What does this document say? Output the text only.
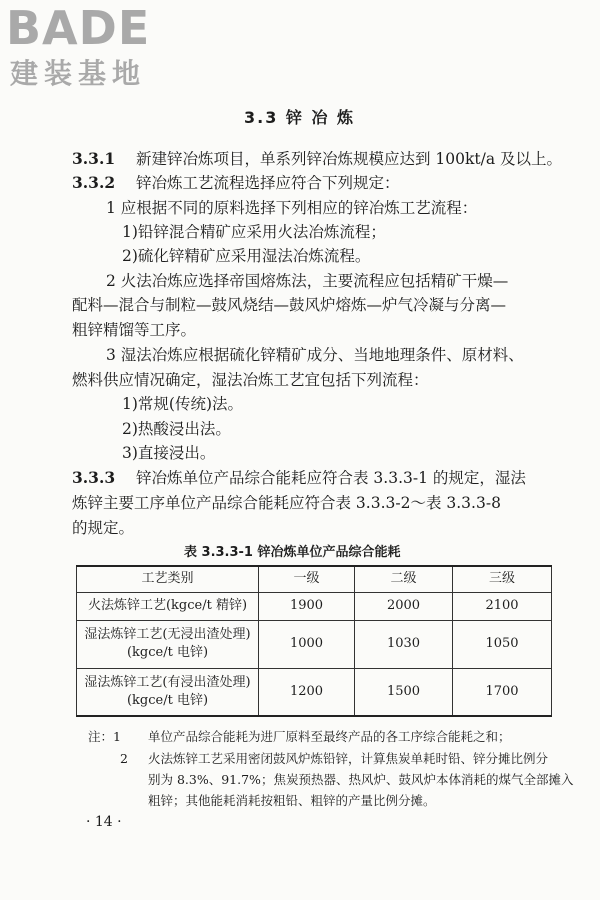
BADE
建装基地
3.3 锌 冶 炼
3.3.1 新建锌冶炼项目，单系列锌冶炼规模应达到 100kt/a 及以上。
3.3.2 锌冶炼工艺流程选择应符合下列规定：
1 应根据不同的原料选择下列相应的锌冶炼工艺流程：
1)铅锌混合精矿应采用火法冶炼流程；
2)硫化锌精矿应采用湿法冶炼流程。
2 火法冶炼应选择帝国熔炼法，主要流程应包括精矿干燥—
配料—混合与制粒—鼓风烧结—鼓风炉熔炼—炉气冷凝与分离—
粗锌精馏等工序。
3 湿法冶炼应根据硫化锌精矿成分、当地地理条件、原材料、
燃料供应情况确定，湿法冶炼工艺宜包括下列流程：
1)常规(传统)法。
2)热酸浸出法。
3)直接浸出。
3.3.3 锌冶炼单位产品综合能耗应符合表 3.3.3-1 的规定，湿法
炼锌主要工序单位产品综合能耗应符合表 3.3.3-2～表 3.3.3-8
的规定。
表 3.3.3-1 锌冶炼单位产品综合能耗
工艺类别	一级	二级	三级
火法炼锌工艺(kgce/t 精锌)	1900	2000	2100

湿法炼锌工艺(无浸出渣处理)
(kgce/t 电锌)	1000	1030	1050

湿法炼锌工艺(有浸出渣处理)
(kgce/t 电锌)	1200	1500	1700
注：1 单位产品综合能耗为进厂原料至最终产品的各工序综合能耗之和；
2 火法炼锌工艺采用密闭鼓风炉炼铅锌，计算焦炭单耗时铅、锌分摊比例分
别为 8.3%、91.7%；焦炭预热器、热风炉、鼓风炉本体消耗的煤气全部摊入
粗锌；其他能耗消耗按粗铅、粗锌的产量比例分摊。
· 14 ·
